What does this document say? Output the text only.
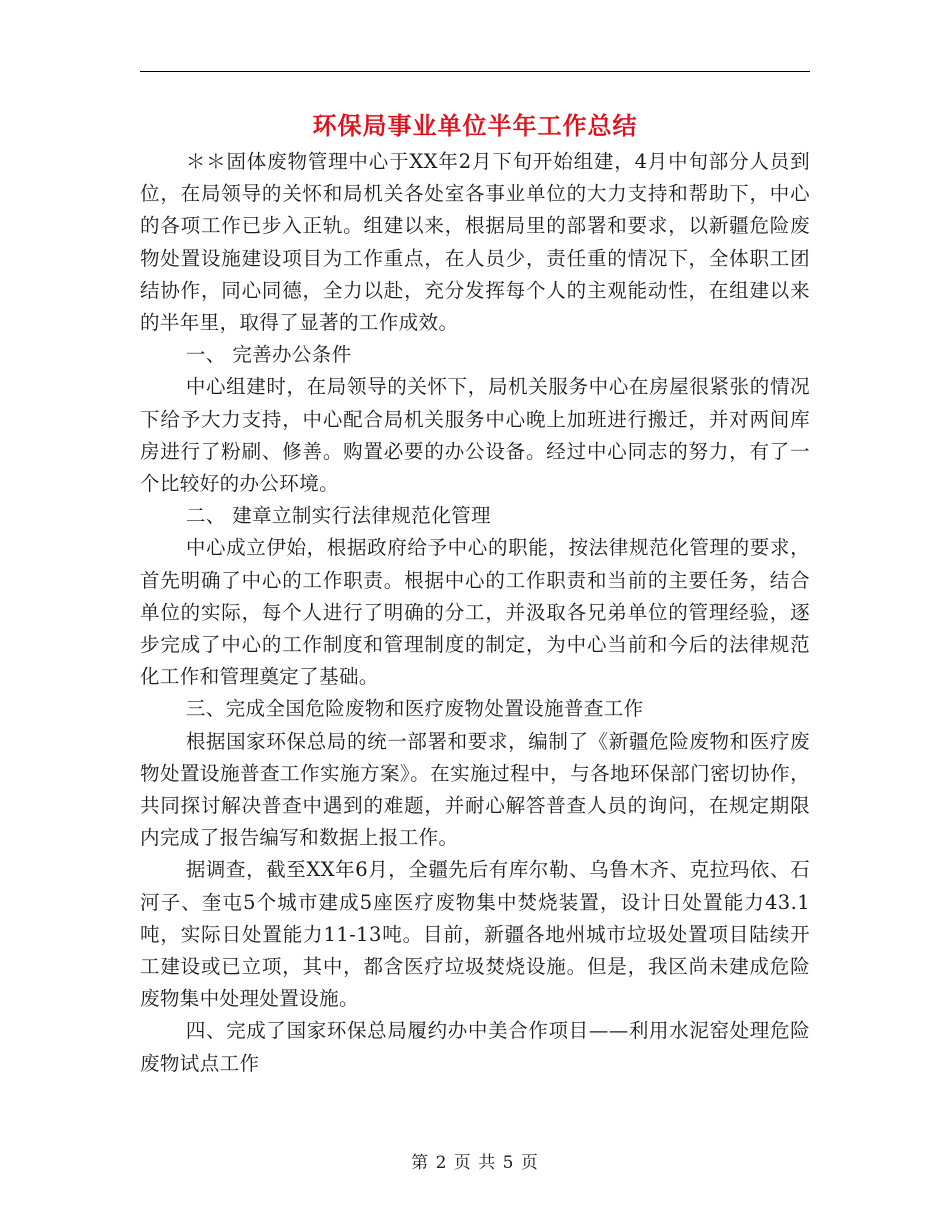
环保局事业单位半年工作总结

＊＊固体废物管理中心于XX年2月下旬开始组建，4月中旬部分人员到位，在局领导的关怀和局机关各处室各事业单位的大力支持和帮助下，中心的各项工作已步入正轨。组建以来，根据局里的部署和要求，以新疆危险废物处置设施建设项目为工作重点，在人员少，责任重的情况下，全体职工团结协作，同心同德，全力以赴，充分发挥每个人的主观能动性，在组建以来的半年里，取得了显著的工作成效。

一、 完善办公条件

中心组建时，在局领导的关怀下，局机关服务中心在房屋很紧张的情况下给予大力支持，中心配合局机关服务中心晚上加班进行搬迁，并对两间库房进行了粉刷、修善。购置必要的办公设备。经过中心同志的努力，有了一个比较好的办公环境。

二、 建章立制实行法律规范化管理

中心成立伊始，根据政府给予中心的职能，按法律规范化管理的要求，首先明确了中心的工作职责。根据中心的工作职责和当前的主要任务，结合单位的实际，每个人进行了明确的分工，并汲取各兄弟单位的管理经验，逐步完成了中心的工作制度和管理制度的制定，为中心当前和今后的法律规范化工作和管理奠定了基础。

三、完成全国危险废物和医疗废物处置设施普查工作

根据国家环保总局的统一部署和要求，编制了《新疆危险废物和医疗废物处置设施普查工作实施方案》。在实施过程中，与各地环保部门密切协作，共同探讨解决普查中遇到的难题，并耐心解答普查人员的询问，在规定期限内完成了报告编写和数据上报工作。

据调查，截至XX年6月，全疆先后有库尔勒、乌鲁木齐、克拉玛依、石河子、奎屯5个城市建成5座医疗废物集中焚烧装置，设计日处置能力43.1吨，实际日处置能力11-13吨。目前，新疆各地州城市垃圾处置项目陆续开工建设或已立项，其中，都含医疗垃圾焚烧设施。但是，我区尚未建成危险废物集中处理处置设施。

四、完成了国家环保总局履约办中美合作项目——利用水泥窑处理危险废物试点工作

第 2 页 共 5 页
